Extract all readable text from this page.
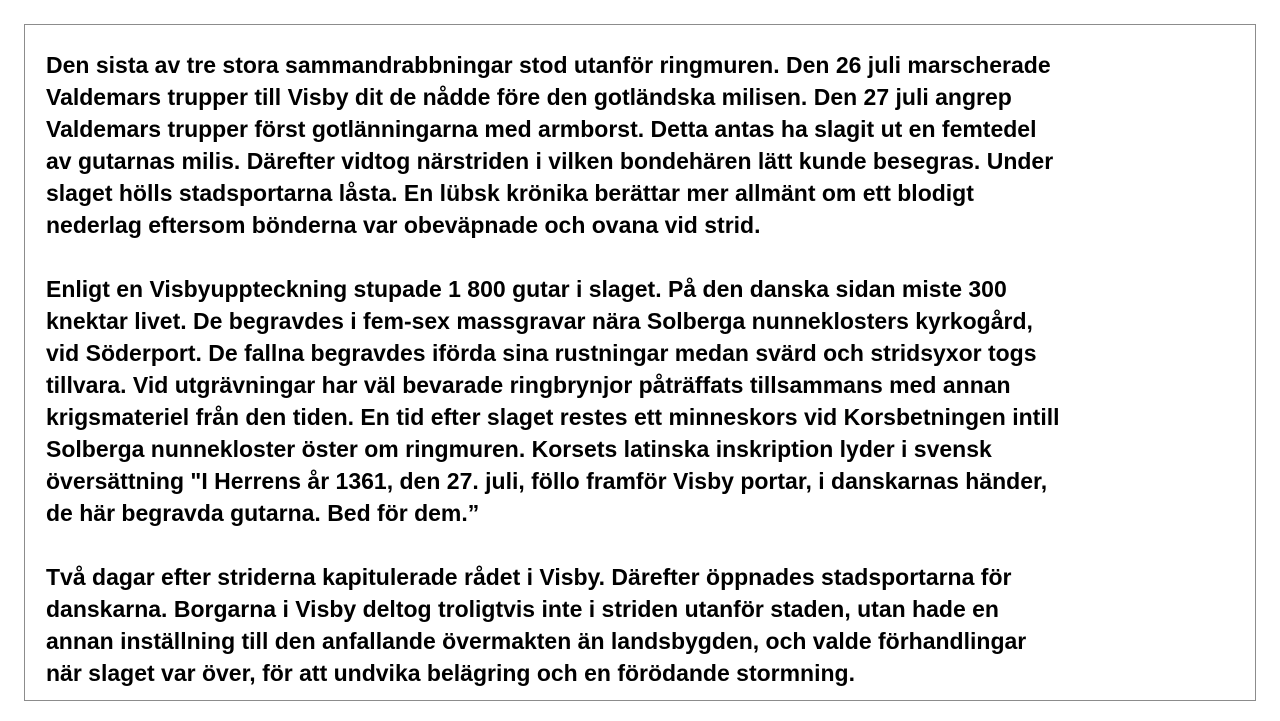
Den sista av tre stora sammandrabbningar stod utanför ringmuren. Den 26 juli marscherade
Valdemars trupper till Visby dit de nådde före den gotländska milisen. Den 27 juli angrep
Valdemars trupper först gotlänningarna med armborst. Detta antas ha slagit ut en femtedel
av gutarnas milis. Därefter vidtog närstriden i vilken bondehären lätt kunde besegras. Under
slaget hölls stadsportarna låsta. En lübsk krönika berättar mer allmänt om ett blodigt
nederlag eftersom bönderna var obeväpnade och ovana vid strid.

Enligt en Visbyuppteckning stupade 1 800 gutar i slaget. På den danska sidan miste 300
knektar livet. De begravdes i fem-sex massgravar nära Solberga nunneklosters kyrkogård,
vid Söderport. De fallna begravdes iförda sina rustningar medan svärd och stridsyxor togs
tillvara. Vid utgrävningar har väl bevarade ringbrynjor påträffats tillsammans med annan
krigsmateriel från den tiden. En tid efter slaget restes ett minneskors vid Korsbetningen intill
Solberga nunnekloster öster om ringmuren. Korsets latinska inskription lyder i svensk
översättning "I Herrens år 1361, den 27. juli, föllo framför Visby portar, i danskarnas händer,
de här begravda gutarna. Bed för dem.”

Två dagar efter striderna kapitulerade rådet i Visby. Därefter öppnades stadsportarna för
danskarna. Borgarna i Visby deltog troligtvis inte i striden utanför staden, utan hade en
annan inställning till den anfallande övermakten än landsbygden, och valde förhandlingar
när slaget var över, för att undvika belägring och en förödande stormning.
